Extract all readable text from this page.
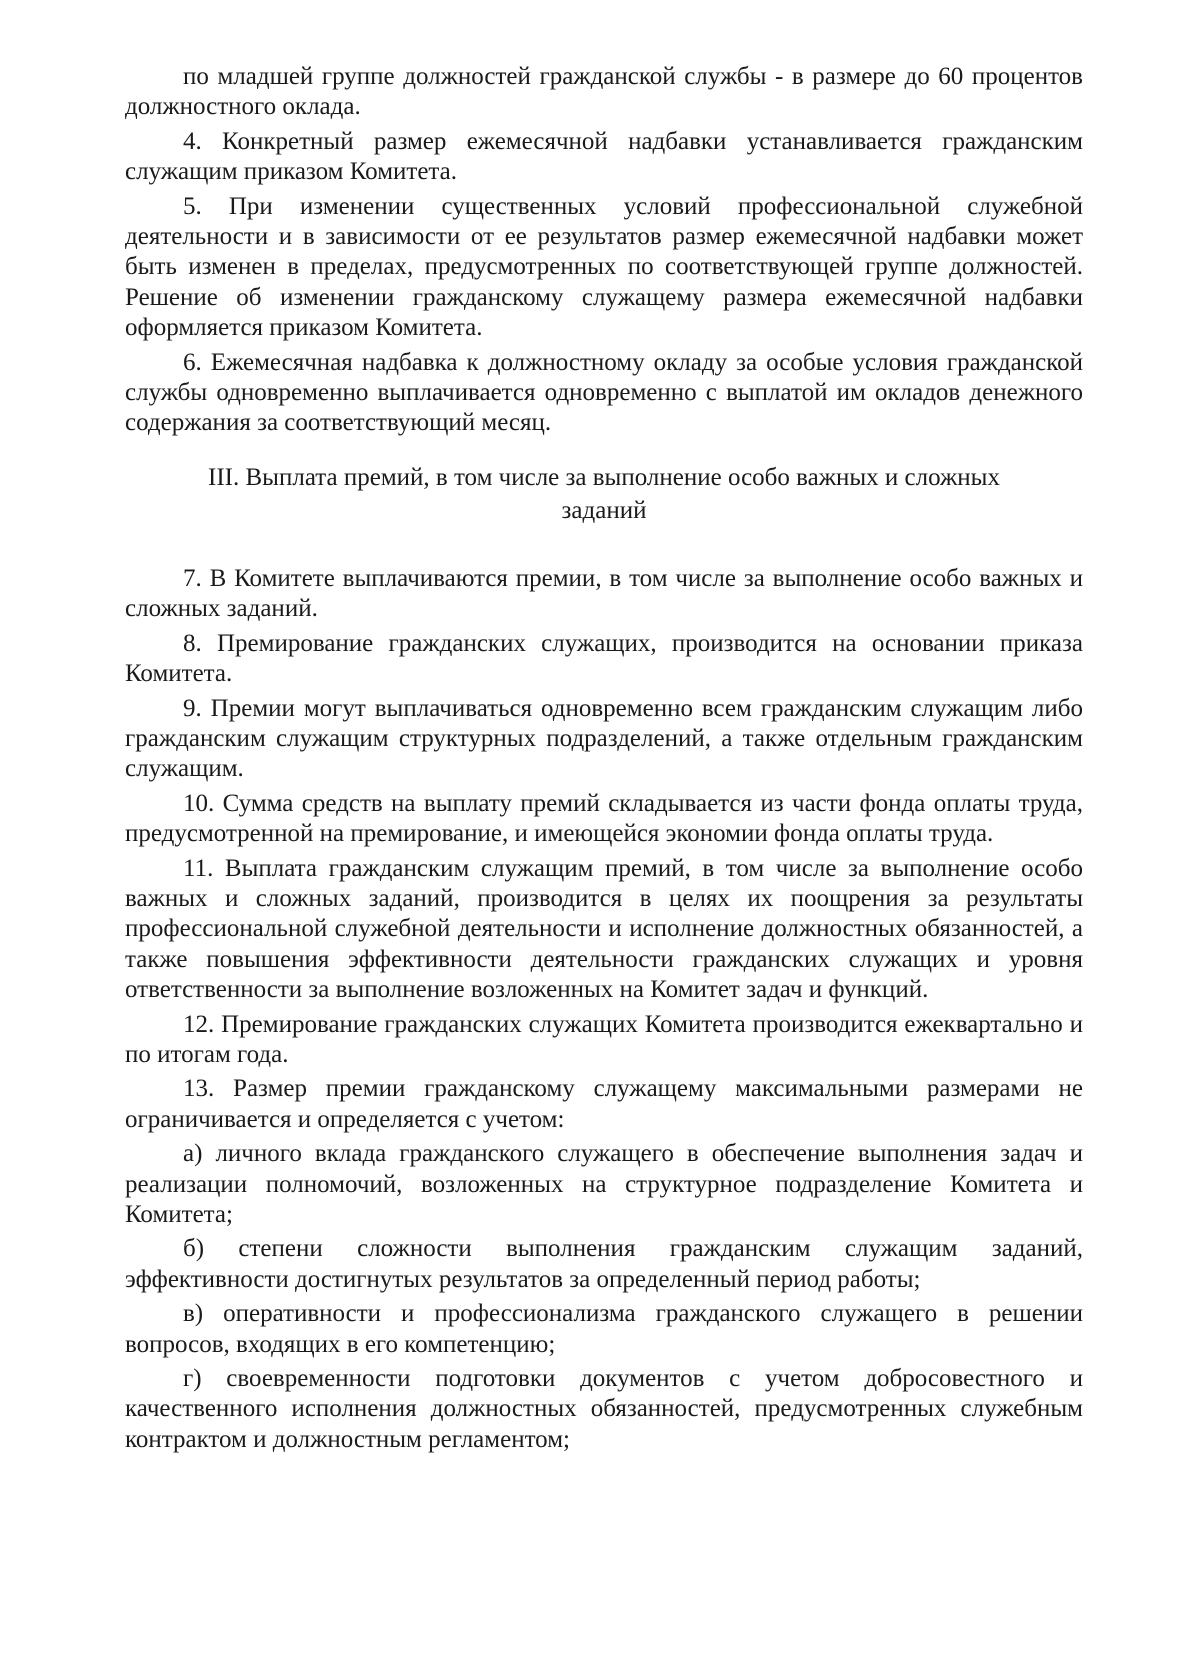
по младшей группе должностей гражданской службы - в размере до 60 процентов должностного оклада.

4. Конкретный размер ежемесячной надбавки устанавливается гражданским служащим приказом Комитета.

5. При изменении существенных условий профессиональной служебной деятельности и в зависимости от ее результатов размер ежемесячной надбавки может быть изменен в пределах, предусмотренных по соответствующей группе должностей. Решение об изменении гражданскому служащему размера ежемесячной надбавки оформляется приказом Комитета.

6. Ежемесячная надбавка к должностному окладу за особые условия гражданской службы одновременно выплачивается одновременно с выплатой им окладов денежного содержания за соответствующий месяц.

III. Выплата премий, в том числе за выполнение особо важных и сложных
заданий

7. В Комитете выплачиваются премии, в том числе за выполнение особо важных и сложных заданий.

8. Премирование гражданских служащих, производится на основании приказа Комитета.

9. Премии могут выплачиваться одновременно всем гражданским служащим либо гражданским служащим структурных подразделений, а также отдельным гражданским служащим.

10. Сумма средств на выплату премий складывается из части фонда оплаты труда, предусмотренной на премирование, и имеющейся экономии фонда оплаты труда.

11. Выплата гражданским служащим премий, в том числе за выполнение особо важных и сложных заданий, производится в целях их поощрения за результаты профессиональной служебной деятельности и исполнение должностных обязанностей, а также повышения эффективности деятельности гражданских служащих и уровня ответственности за выполнение возложенных на Комитет задач и функций.

12. Премирование гражданских служащих Комитета производится ежеквартально и по итогам года.

13. Размер премии гражданскому служащему максимальными размерами не ограничивается и определяется с учетом:

а) личного вклада гражданского служащего в обеспечение выполнения задач и реализации полномочий, возложенных на структурное подразделение Комитета и Комитета;

б) степени сложности выполнения гражданским служащим заданий, эффективности достигнутых результатов за определенный период работы;

в) оперативности и профессионализма гражданского служащего в решении вопросов, входящих в его компетенцию;

г) своевременности подготовки документов с учетом добросовестного и качественного исполнения должностных обязанностей, предусмотренных служебным контрактом и должностным регламентом;
